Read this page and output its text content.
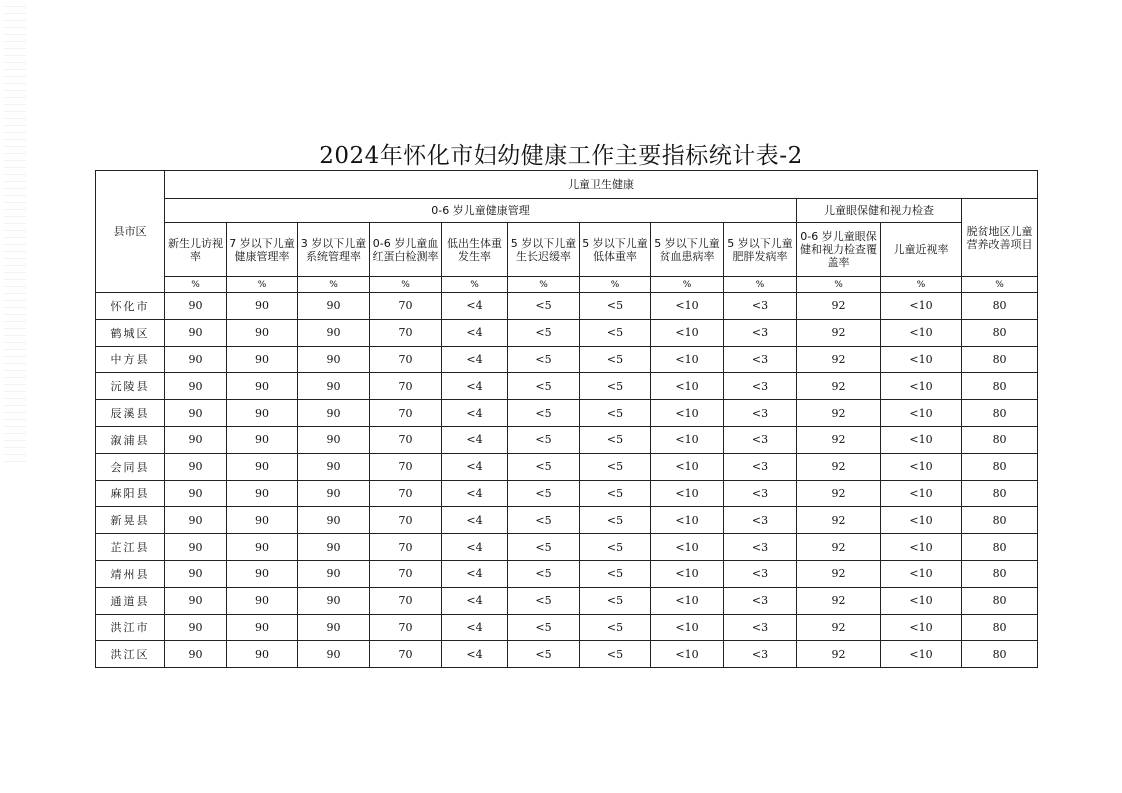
2024年怀化市妇幼健康工作主要指标统计表-2
县市区	儿童卫生健康											
	0-6 岁儿童健康管理									儿童眼保健和视力检查		脱贫地区儿童营养改善项目
	新生儿访视率	7 岁以下儿童健康管理率	3 岁以下儿童系统管理率	0-6 岁儿童血红蛋白检测率	低出生体重发生率	5 岁以下儿童生长迟缓率	5 岁以下儿童低体重率	5 岁以下儿童贫血患病率	5 岁以下儿童肥胖发病率	0-6 岁儿童眼保健和视力检查覆盖率	儿童近视率	
	%	%	%	%	%	%	%	%	%	%	%	%
怀化市	90	90	90	70	<4	<5	<5	<10	<3	92	<10	80
鹤城区	90	90	90	70	<4	<5	<5	<10	<3	92	<10	80
中方县	90	90	90	70	<4	<5	<5	<10	<3	92	<10	80
沅陵县	90	90	90	70	<4	<5	<5	<10	<3	92	<10	80
辰溪县	90	90	90	70	<4	<5	<5	<10	<3	92	<10	80
溆浦县	90	90	90	70	<4	<5	<5	<10	<3	92	<10	80
会同县	90	90	90	70	<4	<5	<5	<10	<3	92	<10	80
麻阳县	90	90	90	70	<4	<5	<5	<10	<3	92	<10	80
新晃县	90	90	90	70	<4	<5	<5	<10	<3	92	<10	80
芷江县	90	90	90	70	<4	<5	<5	<10	<3	92	<10	80
靖州县	90	90	90	70	<4	<5	<5	<10	<3	92	<10	80
通道县	90	90	90	70	<4	<5	<5	<10	<3	92	<10	80
洪江市	90	90	90	70	<4	<5	<5	<10	<3	92	<10	80
洪江区	90	90	90	70	<4	<5	<5	<10	<3	92	<10	80
